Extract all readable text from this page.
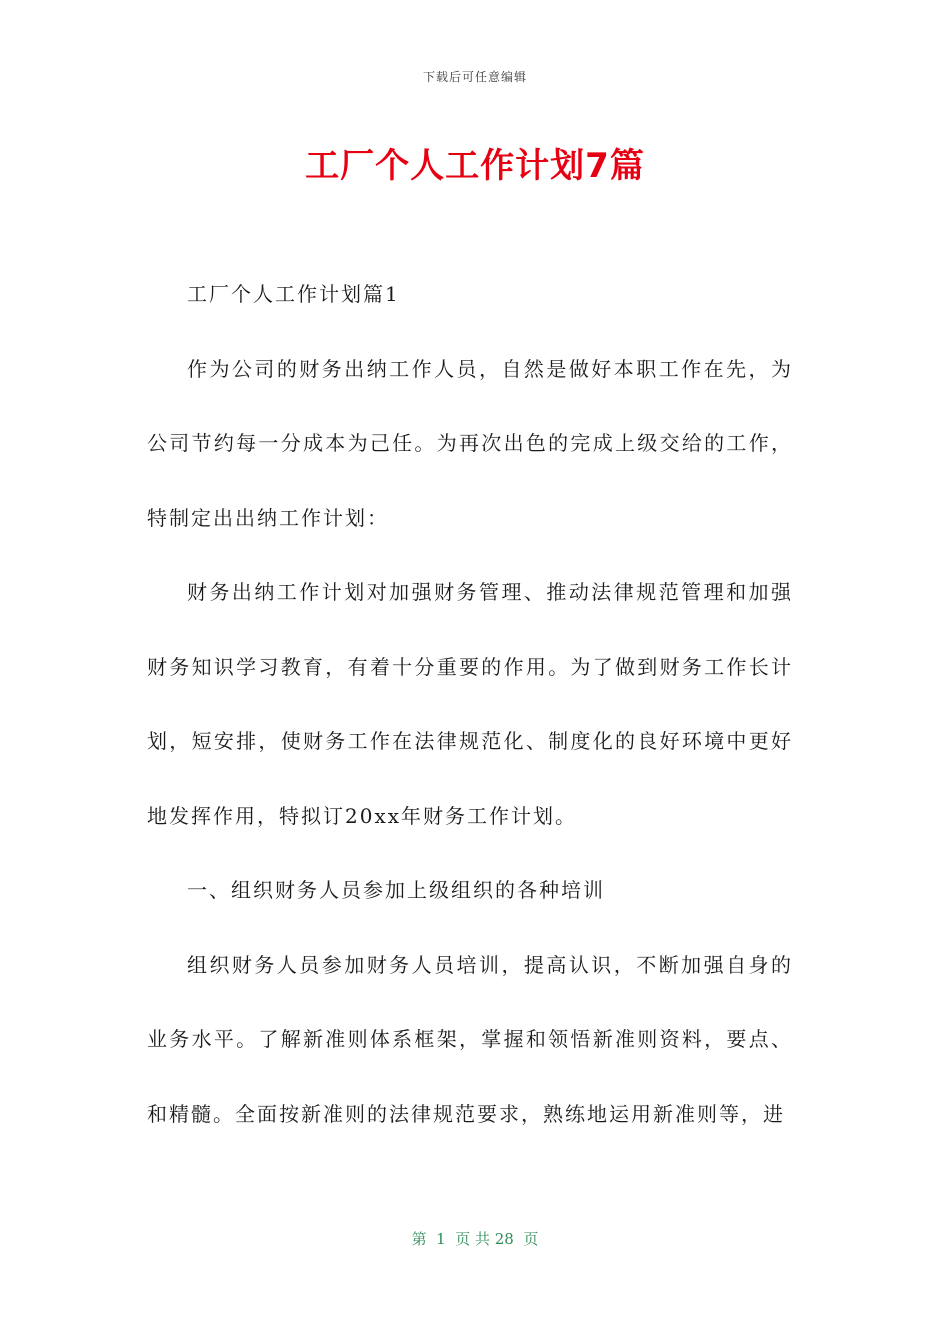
下载后可任意编辑
工厂个人工作计划7篇

工厂个人工作计划篇1

作为公司的财务出纳工作人员，自然是做好本职工作在先，为公司节约每一分成本为己任。为再次出色的完成上级交给的工作，特制定出出纳工作计划：

财务出纳工作计划对加强财务管理、推动法律规范管理和加强财务知识学习教育，有着十分重要的作用。为了做到财务工作长计划，短安排，使财务工作在法律规范化、制度化的良好环境中更好地发挥作用，特拟订20xx年财务工作计划。

一、组织财务人员参加上级组织的各种培训

组织财务人员参加财务人员培训，提高认识，不断加强自身的业务水平。了解新准则体系框架，掌握和领悟新准则资料，要点、和精髓。全面按新准则的法律规范要求，熟练地运用新准则等，进

第  1  页 共 28  页
